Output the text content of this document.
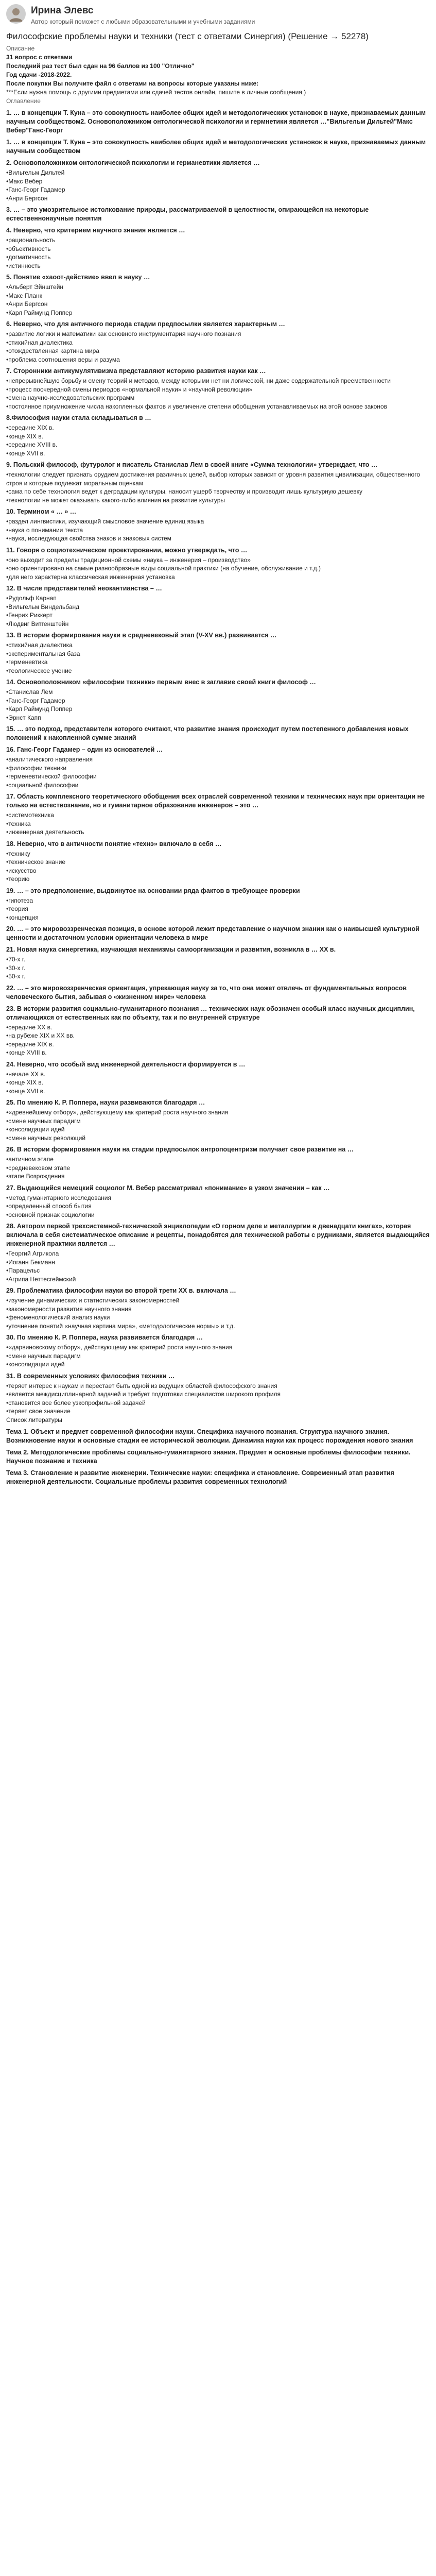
Ирина Элевс
Автор который поможет с любыми образовательными и учебными заданиями
Философские проблемы науки и техники (тест с ответами Синергия) (Решение → 52278)

Описание

31 вопрос с ответами

Последний раз тест был сдан на 96 баллов из 100 "Отлично"

Год сдачи -2018-2022.

После покупки Вы получите файл с ответами на вопросы которые указаны ниже:

***Если нужна помощь с другими предметами или сдачей тестов онлайн, пишите в личные сообщения )

Оглавление

1. … в концепции Т. Куна – это совокупность наиболее общих идей и методологических установок в науке, признаваемых данным научным сообществом2. Основоположником онтологической психологии и гермнетики является …"Вильгельм Дильтей"Макс Вебер"Ганс-Георг

1. … в концепции Т. Куна – это совокупность наиболее общих идей и методологических установок в науке, признаваемых данным научным сообществом

2. Основоположником онтологической психологии и германевтики является …

•Вильгельм Дильтей

•Макс Вебер

•Ганс-Георг Гадамер

•Анри Бергсон

3. … – это умозрительное истолкование природы, рассматриваемой в целостности, опирающейся на некоторые естественнонаучные понятия

4. Неверно, что критерием научного знания является …

•рациональность

•объективность

•догматичность

•истинность

5. Понятие «хаоот-действие» ввел в науку …

•Альберт Эйнштейн

•Макс Планк

•Анри Бергсон

•Карл Раймунд Поппер

6. Неверно, что для античного периода стадии предпосылки является характерным …

•развитие логики и математики как основного инструментария научного познания

•стихийная диалектика

•отождествленная картина мира

•проблема соотношения веры и разума

7. Сторонники антикумулятивизма представляют историю развития науки как …

•непрерывнейшую борьбу и смену теорий и методов, между которыми нет ни логической, ни даже содержательной преемственности

•процесс поочередной смены периодов «нормальной науки» и «научной революции»

•смена научно-исследовательских программ

•постоянное приумножение числа накопленных фактов и увеличение степени обобщения устанавливаемых на этой основе законов

8.Философия науки стала складываться в …

•середине XIX в.

•конце XIX в.

•середине XVIII в.

•конце XVII в.

9. Польский философ, футуролог и писатель Станислав Лем в своей книге «Сумма технологии» утверждает, что …

•технологии следует признать орудием достижения различных целей, выбор которых зависит от уровня развития цивилизации, общественного строя и которые подлежат моральным оценкам

•сама по себе технология ведет к деградации культуры, наносит ущерб творчеству и производит лишь культурную дешевку

•технологии не может оказывать какого-либо влияния на развитие культуры

10. Термином « … » …

•раздел лингвистики, изучающий смысловое значение единиц языка

•наука о понимании текста

•наука, исследующая свойства знаков и знаковых систем

11. Говоря о социотехническом проектировании, можно утверждать, что …

•оно выходит за пределы традиционной схемы «наука – инженерия – производство»

•оно ориентировано на самые разнообразные виды социальной практики (на обучение, обслуживание и т.д.)

•для него характерна классическая инженерная установка

12. В числе представителей неокантианства – …

•Рудольф Карнап

•Вильгельм Виндельбанд

•Генрих Риккерт

•Людвиг Витгенштейн

13. В истории формирования науки в средневековый этап (V-XV вв.) развивается …

•стихийная диалектика

•экспериментальная база

•герменевтика

•теологическое учение

14. Основоположником «философии техники» первым внес в заглавие своей книги философ …

•Станислав Лем

•Ганс-Георг Гадамер

•Карл Раймунд Поппер

•Эрнст Капп

15. … это подход, представители которого считают, что развитие знания происходит путем постепенного добавления новых положений к накопленной сумме знаний

16. Ганс-Георг Гадамер – один из основателей …

•аналитического направления

•философии техники

•герменевтической философии

•социальной философии

17. Область комплексного теоретического обобщения всех отраслей современной техники и технических наук при ориентации не только на естествознание, но и гуманитарное образование инженеров – это …

•системотехника

•техника

•инженерная деятельность

18. Неверно, что в античности понятие «технэ» включало в себя …

•технику

•техническое знание

•искусство

•теорию

19. … – это предположение, выдвинутое на основании ряда фактов в требующее проверки

•гипотеза

•теория

•концепция

20. … – это мировоззренческая позиция, в основе которой лежит представление о научном знании как о наивысшей культурной ценности и достаточном условии ориентации человека в мире

21. Новая наука синергетика, изучающая механизмы самоорганизации и развития, возникла в … XX в.

•70-х г.

•30-х г.

•50-х г.

22. … – это мировоззренческая ориентация, упрекающая науку за то, что она может отвлечь от фундаментальных вопросов человеческого бытия, забывая о «жизненном мире» человека

23. В истории развития социально-гуманитарного познания … технических наук обозначен особый класс научных дисциплин, отличающихся от естественных как по объекту, так и по внутренней структуре

•середине XX в.

•на рубеже XIX и XX вв.

•середине XIX в.

•конце XVIII в.

24. Неверно, что особый вид инженерной деятельности формируется в …

•начале XX в.

•конце XIX в.

•конце XVII в.

25. По мнению К. Р. Поппера, науки развиваются благодаря …

•«древнейшему отбору», действующему как критерий роста научного знания

•смене научных парадигм

•консолидации идей

•смене научных революций

26. В истории формирования науки на стадии предпосылок антропоцентризм получает свое развитие на …

•античном этапе

•средневековом этапе

•этапе Возрождения

27. Выдающийся немецкий социолог М. Вебер рассматривал «понимание» в узком значении – как …

•метод гуманитарного исследования

•определенный способ бытия

•основной признак социологии

28. Автором первой трехсистемной-технической энциклопедии «О горном деле и металлургии в двенадцати книгах», которая включала в себя систематическое описание и рецепты, понадобятся для технической работы с рудниками, является выдающийся инженерной практики является …

•Георгий Агрикола

•Иоганн Бекманн

•Парацельс

•Агрипа Неттесгеймский

29. Проблематика философии науки во второй трети XX в. включала …

•изучение динамических и статистических закономерностей

•закономерности развития научного знания

•феноменологический анализ науки

•уточнение понятий «научная картина мира», «методологические нормы» и т.д.

30. По мнению К. Р. Поппера, наука развивается благодаря …

•«дарвиновскому отбору», действующему как критерий роста научного знания

•смене научных парадигм

•консолидации идей

31. В современных условиях философия техники …

•теряет интерес к наукам и перестает быть одной из ведущих областей философского знания

•является междисциплинарной задачей и требует подготовки специалистов широкого профиля

•становится все более узкопрофильной задачей

•теряет свое значение

Список литературы

Тема 1. Объект и предмет современной философии науки. Специфика научного познания. Структура научного знания. Возникновение науки и основные стадии ее исторической эволюции. Динамика науки как процесс порождения нового знания

Тема 2. Методологические проблемы социально-гуманитарного знания. Предмет и основные проблемы философии техники. Научное познание и техника

Тема 3. Становление и развитие инженерии. Технические науки: специфика и становление. Современный этап развития инженерной деятельности. Социальные проблемы развития современных технологий
